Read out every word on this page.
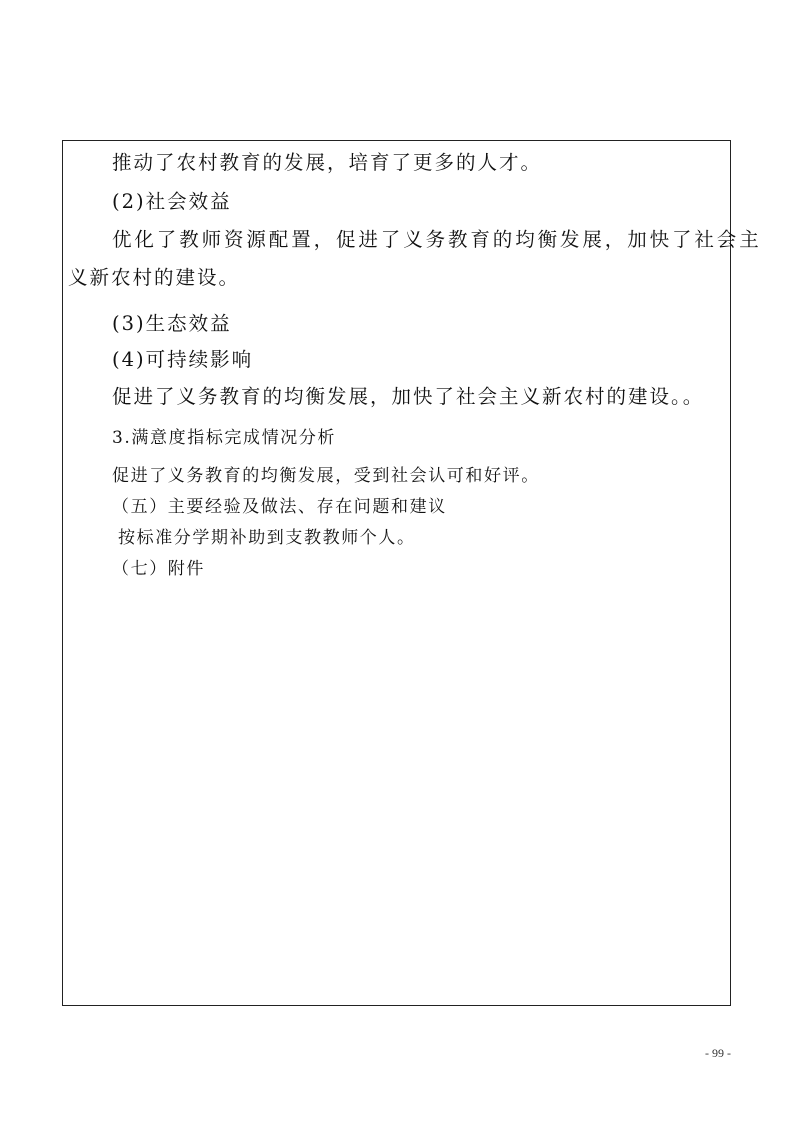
推动了农村教育的发展，培育了更多的人才。
(2)社会效益
优化了教师资源配置，促进了义务教育的均衡发展，加快了社会主
义新农村的建设。
(3)生态效益
(4)可持续影响
促进了义务教育的均衡发展，加快了社会主义新农村的建设。。
3.满意度指标完成情况分析
促进了义务教育的均衡发展，受到社会认可和好评。
（五）主要经验及做法、存在问题和建议
按标准分学期补助到支教教师个人。
（七）附件
- 99 -
